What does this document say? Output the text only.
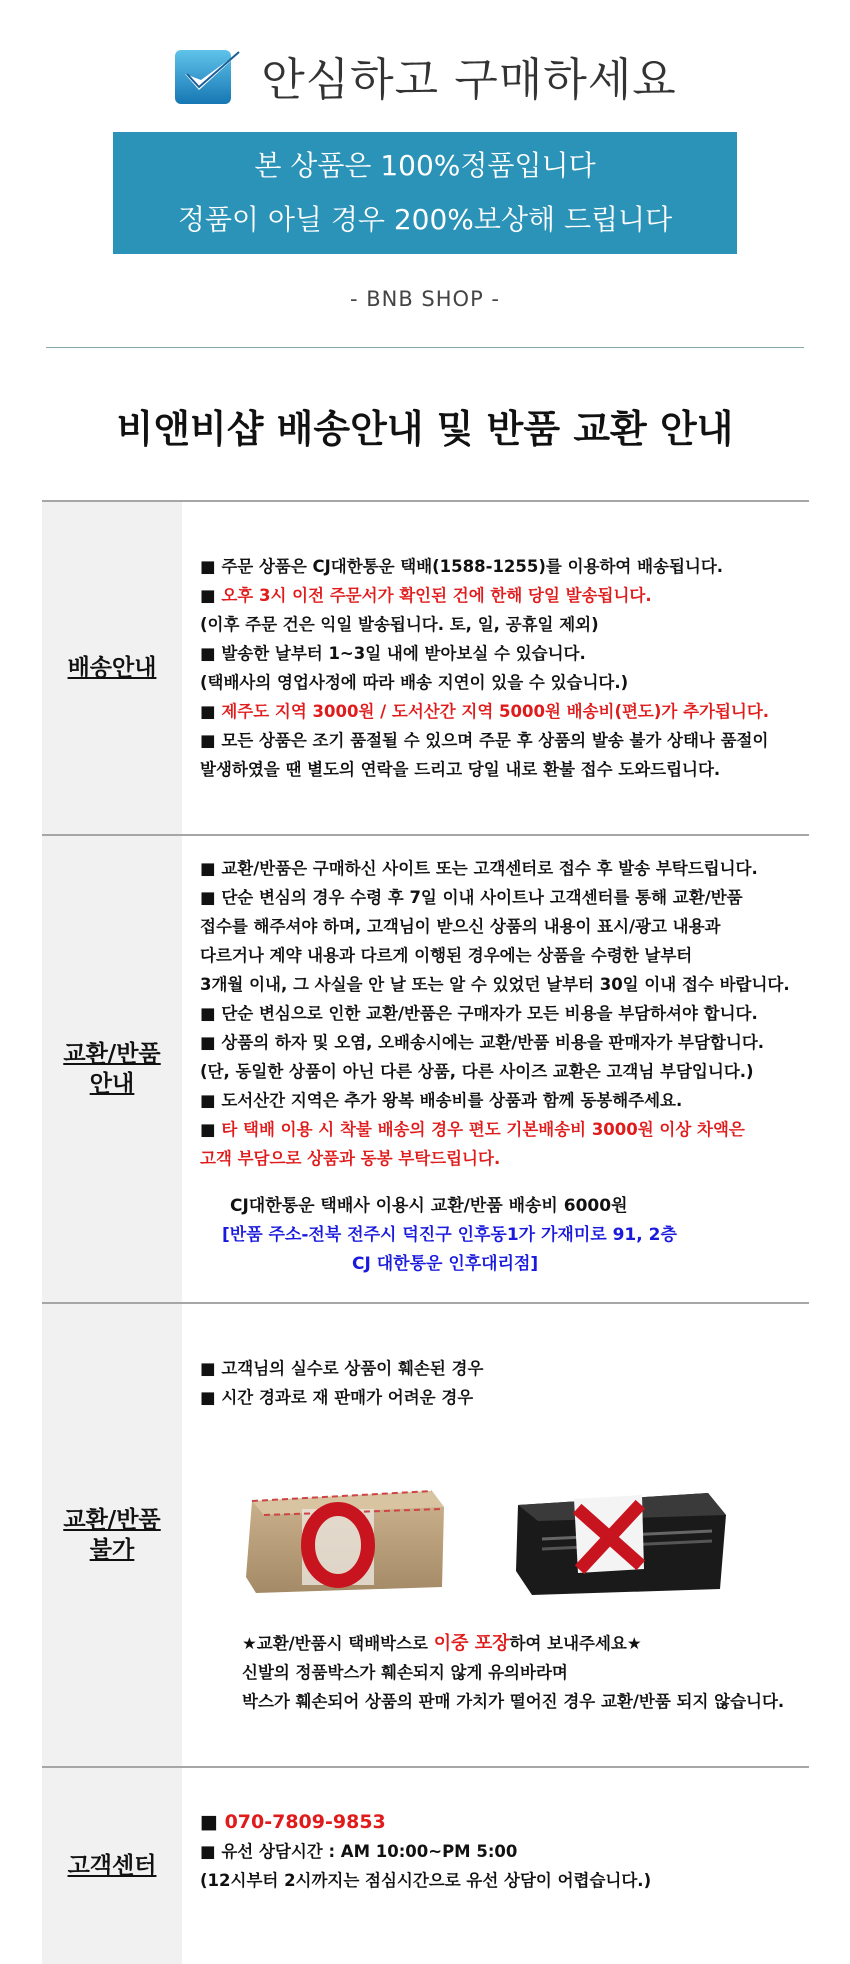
안심하고 구매하세요

본 상품은 100%정품입니다

정품이 아닐 경우 200%보상해 드립니다

- BNB SHOP -
비앤비샵 배송안내 및 반품 교환 안내
배송안내
■ 주문 상품은 CJ대한통운 택배(1588-1255)를 이용하여 배송됩니다.
■ 오후 3시 이전 주문서가 확인된 건에 한해 당일 발송됩니다.
(이후 주문 건은 익일 발송됩니다. 토, 일, 공휴일 제외)
■ 발송한 날부터 1~3일 내에 받아보실 수 있습니다.
(택배사의 영업사정에 따라 배송 지연이 있을 수 있습니다.)
■ 제주도 지역 3000원 / 도서산간 지역 5000원 배송비(편도)가 추가됩니다.
■ 모든 상품은 조기 품절될 수 있으며 주문 후 상품의 발송 불가 상태나 품절이
발생하였을 땐 별도의 연락을 드리고 당일 내로 환불 접수 도와드립니다.
교환/반품
안내
■ 교환/반품은 구매하신 사이트 또는 고객센터로 접수 후 발송 부탁드립니다.
■ 단순 변심의 경우 수령 후 7일 이내 사이트나 고객센터를 통해 교환/반품
접수를 해주셔야 하며, 고객님이 받으신 상품의 내용이 표시/광고 내용과
다르거나 계약 내용과 다르게 이행된 경우에는 상품을 수령한 날부터
3개월 이내, 그 사실을 안 날 또는 알 수 있었던 날부터 30일 이내 접수 바랍니다.
■ 단순 변심으로 인한 교환/반품은 구매자가 모든 비용을 부담하셔야 합니다.
■ 상품의 하자 및 오염, 오배송시에는 교환/반품 비용을 판매자가 부담합니다.
(단, 동일한 상품이 아닌 다른 상품, 다른 사이즈 교환은 고객님 부담입니다.)
■ 도서산간 지역은 추가 왕복 배송비를 상품과 함께 동봉해주세요.
■ 타 택배 이용 시 착불 배송의 경우 편도 기본배송비 3000원 이상 차액은
고객 부담으로 상품과 동봉 부탁드립니다.
CJ대한통운 택배사 이용시 교환/반품 배송비 6000원
[반품 주소-전북 전주시 덕진구 인후동1가 가재미로 91, 2층
CJ 대한통운 인후대리점]
교환/반품
불가
■ 고객님의 실수로 상품이 훼손된 경우
■ 시간 경과로 재 판매가 어려운 경우
O
X
★교환/반품시 택배박스로 이중 포장하여 보내주세요★
신발의 정품박스가 훼손되지 않게 유의바라며
박스가 훼손되어 상품의 판매 가치가 떨어진 경우 교환/반품 되지 않습니다.
고객센터
■ 070-7809-9853
■ 유선 상담시간 : AM 10:00~PM 5:00
(12시부터 2시까지는 점심시간으로 유선 상담이 어렵습니다.)
